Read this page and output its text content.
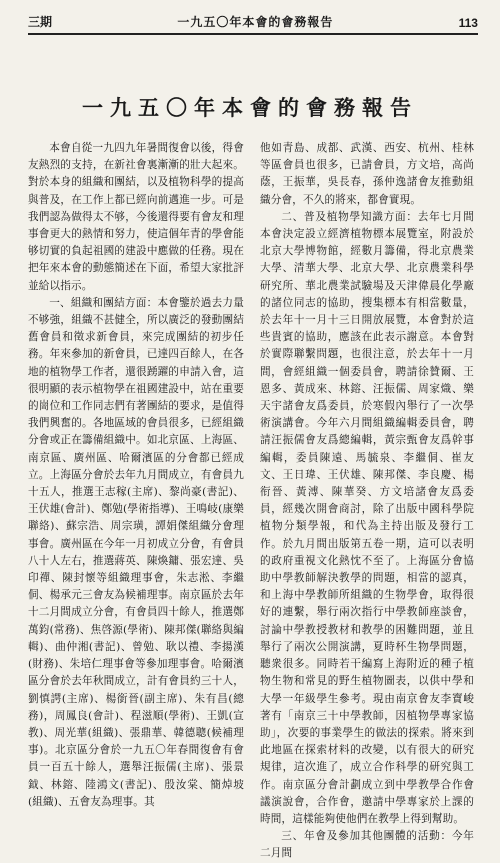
三期	一九五〇年本會的會務報告	113
一九五〇年本會的會務報告

本會自從一九四九年暑間復會以後，得會友熱烈的支持，在新社會裏漸漸的壯大起來。對於本身的組織和團結，以及植物科學的提高與普及，在工作上都已經向前邁進一步。可是我們認為做得太不够，今後還得要有會友和理事會更大的熱情和努力，使這個年青的學會能够切實的負起祖國的建設中應做的任務。現在把年來本會的動態簡述在下面，希望大家批評並給以指示。

一、組織和團結方面：本會鑒於過去力量不够強，組織不甚健全，所以廣泛的發動團結舊會員和徵求新會員，來完成團結的初步任務。年來參加的新會員，已達四百餘人，在各地的植物學工作者，還很踴躍的申請入會，這很明顯的表示植物學在祖國建設中，站在重要的崗位和工作同志們有著團結的要求，是值得我們興奮的。各地區域的會員很多，已經組織分會或正在籌備組織中。如北京區、上海區、南京區、廣州區、哈爾濱區的分會都已經成立。上海區分會於去年九月間成立，有會員九十五人，推選王志稼(主席)、黎尚豪(書記)、王伏雄(會計)、鄭勉(學術指導)、王鳴岐(康樂聯絡)、蘇宗浩、周宗璜，譚娟傑組織分會理事會。廣州區在今年一月初成立分會，有會員八十人左右，推選蔣英、陳煥鏞、張宏達、吳印禪、陳封懷等組織理事會，朱志淞、李繼侗、楊承元三會友為候補理事。南京區於去年十二月間成立分會，有會員四十餘人，推選鄭萬鈞(常務)、焦啓源(學術)、陳邦傑(聯絡與編輯)、曲仲湘(書記)、曾勉、耿以禮、李揚漢(財務)、朱培仁理事會等參加理事會。哈爾濱區分會於去年秋間成立，計有會員約三十人，劉慎諤(主席)、楊銜晉(副主席)、朱有昌(總務)，周鳳良(會計)、程滋順(學術)、王凱(宣教)、周光華(組織)、張鼎華、韓德聰(候補理事)。北京區分會於一九五〇年春間復會有會員一百五十餘人，選舉汪振儒(主席)、張景鉞、林鎔、陸鴻文(書記)、殷汝棠、簡焯坡(組織)、五會友為理事。其

他如青島、成都、武漢、西安、杭州、桂林等區會員也很多，已請會員，方文培，高尚蔭，王振華，吳長春，孫仲逸諸會友推動組織分會，不久的將來，都會實現。

二、普及植物學知識方面：去年七月間本會決定設立經濟植物標本展覽室，附設於北京大學博物館，經數月籌備，得北京農業大學、清華大學、北京大學、北京農業科學研究所、華北農業試驗場及天津偉晨化學廠的諸位同志的協助，搜集標本有相當數量，於去年十一月十三日開放展覽，本會對於這些貴賓的協助，應該在此表示謝意。本會對於實際聯繫問題，也很注意，於去年十一月間，會經組織一個委員會，聘請徐贊爾、王恩多、黃成來、林鎔、汪振儒、周家熾、樂天宇諸會友爲委員，於寒假內舉行了一次學術演講會。今年六月間組織編輯委員會，聘請汪振儒會友爲總編輯，黃宗甄會友爲幹事編輯，委員陳遠、馬毓泉、李繼侗、崔友文、王日瑋、王伏雄、陳邦傑、李良慶、楊衔晉、黃溥、陳華癸、方文培諸會友爲委員，經幾次開會商討，除了出版中國科學院植物分類學報，和代為主持出版及發行工作。於九月間出版第五卷一期，這可以表明的政府重視文化熱忱不至了。上海區分會協助中學教師解決教學的問題，相當的認真，和上海中學教師所組織的生物學會，取得很好的連繫，舉行兩次指行中學教師座談會，討論中學教授教材和教學的困難問題，並且舉行了兩次公開演講，夏時杯生物學問題，聽衆很多。同時若干編寫上海附近的種子植物生物和常見的野生植物圖表，以供中學和大學一年級學生參考。現由南京會友李寶峻著有「南京三十中學教師，因植物學專家協助」，次要的事業學生的做法的探索。將來到此地區在探索材料的改變，以有很大的研究規律，這次進了，成立合作科學的研究與工作。南京區分會計劃成立到中學教學合作會議演說會，合作會，邀請中學專家於上課的時間，這樣能夠使他們在教學上得到幫助。

三、年會及參加其他團體的活動：今年二月間
